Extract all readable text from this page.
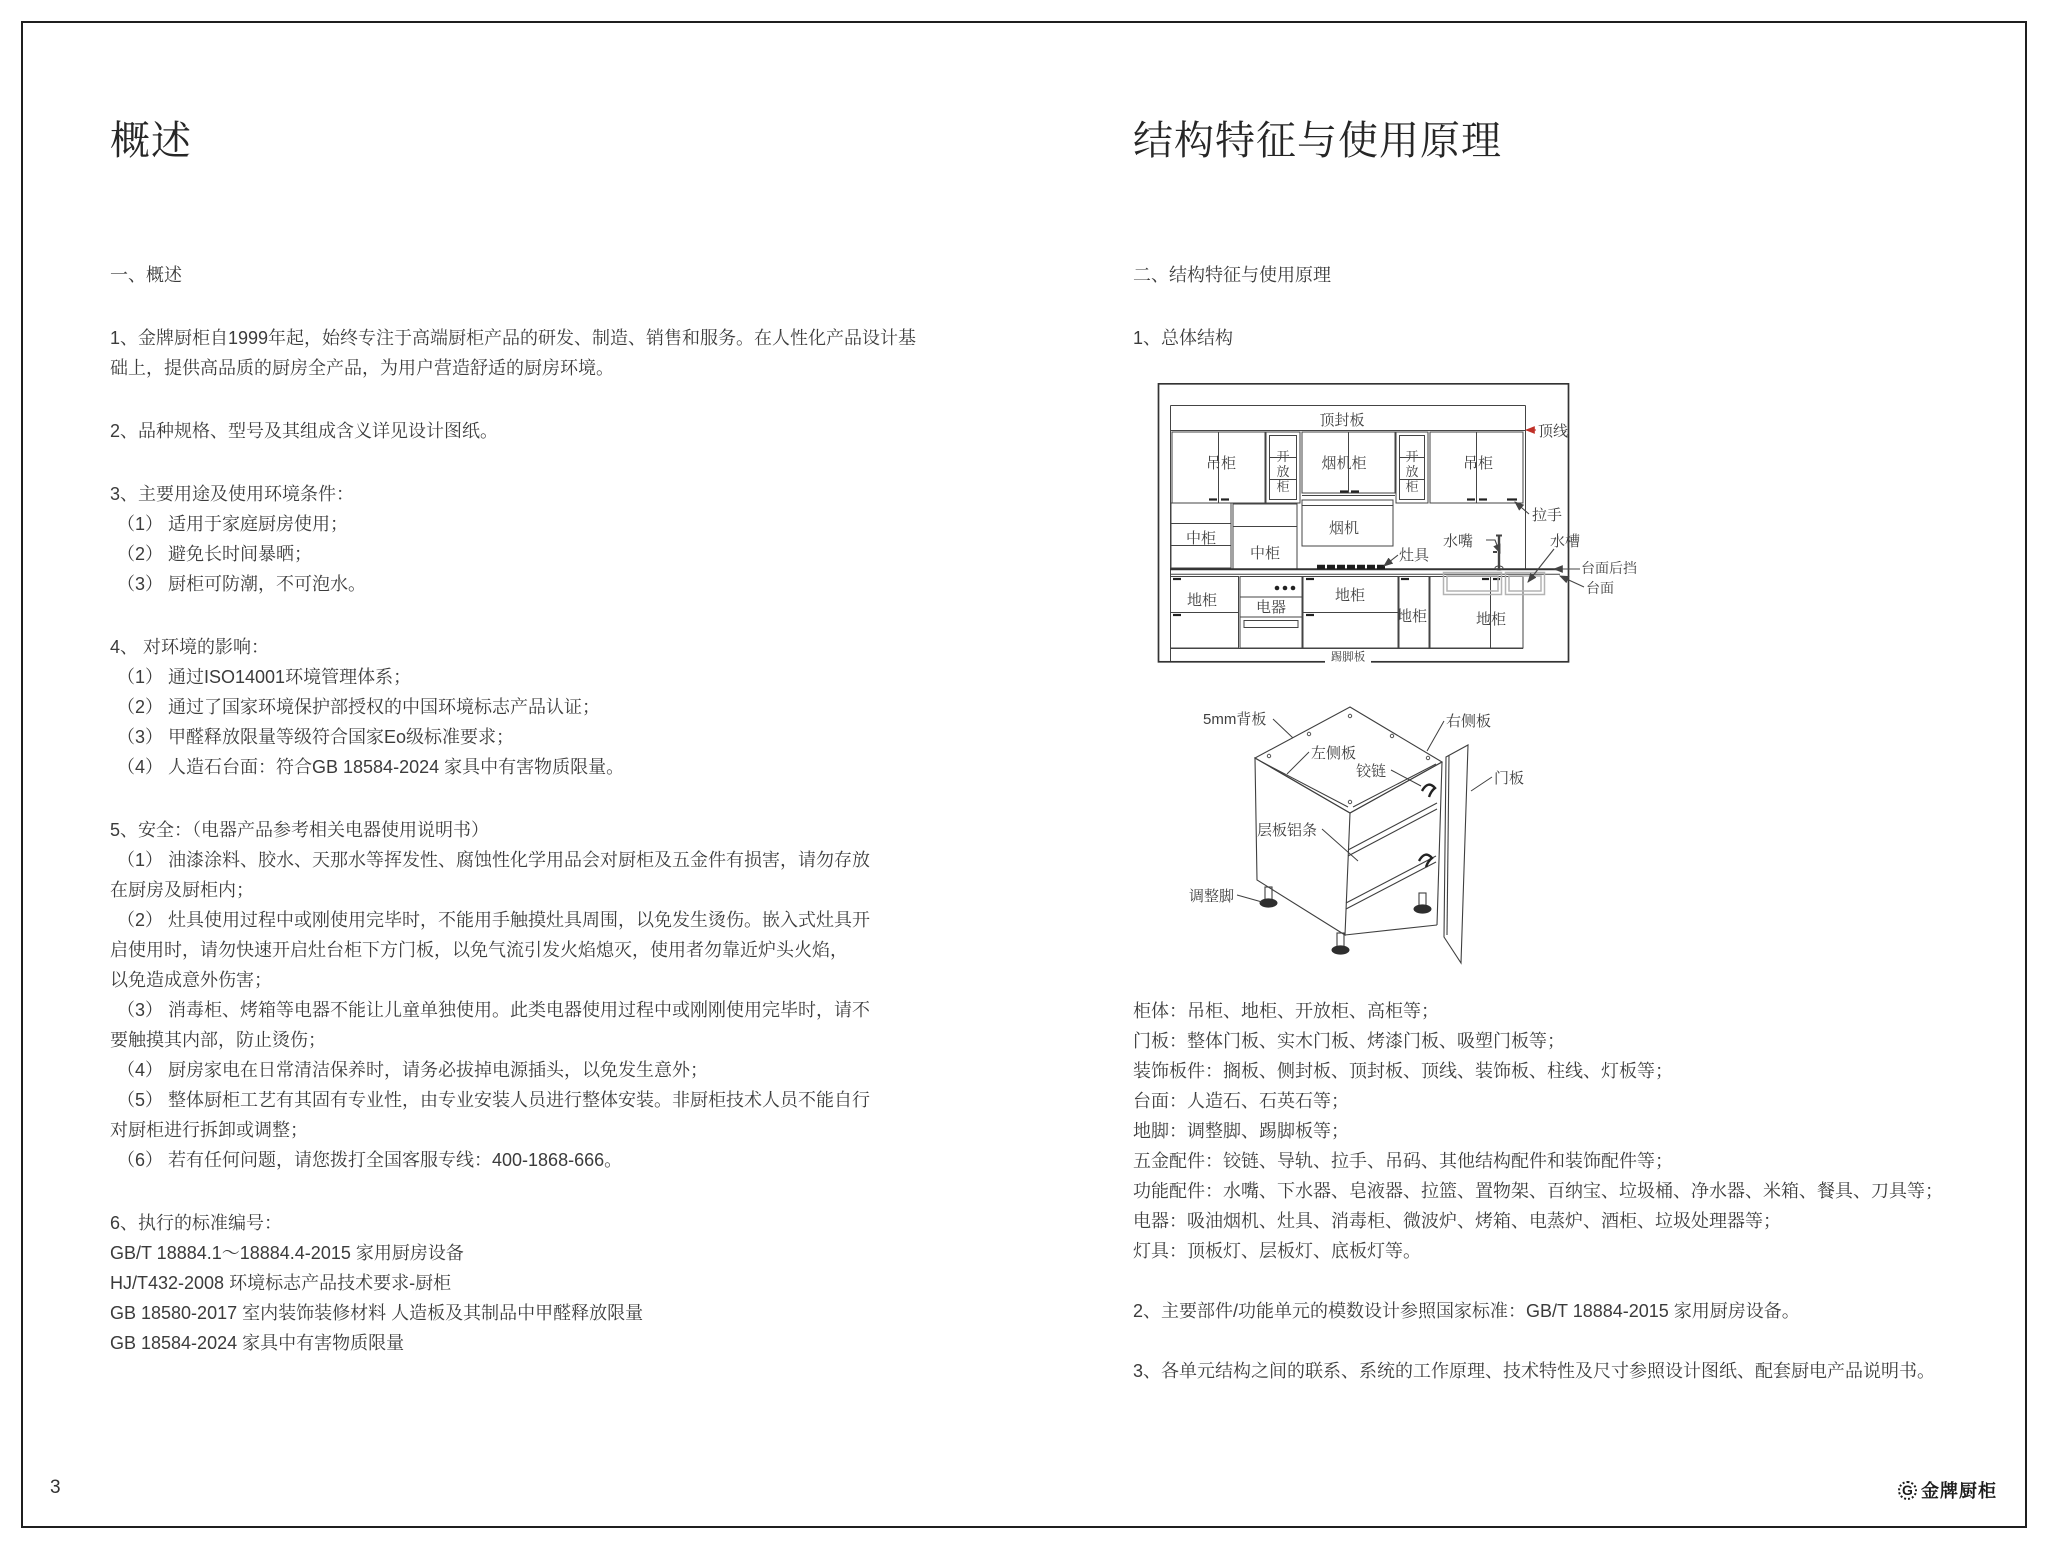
概述
一、概述
1、金牌厨柜自1999年起，始终专注于高端厨柜产品的研发、制造、销售和服务。在人性化产品设计基
础上，提供高品质的厨房全产品，为用户营造舒适的厨房环境。
2、品种规格、型号及其组成含义详见设计图纸。
3、主要用途及使用环境条件：
（1） 适用于家庭厨房使用；
（2） 避免长时间暴晒；
（3） 厨柜可防潮，不可泡水。
4、 对环境的影响：
（1） 通过ISO14001环境管理体系；
（2） 通过了国家环境保护部授权的中国环境标志产品认证；
（3） 甲醛释放限量等级符合国家Eo级标准要求；
（4） 人造石台面：符合GB 18584-2024 家具中有害物质限量。
5、安全：（电器产品参考相关电器使用说明书）
（1） 油漆涂料、胶水、天那水等挥发性、腐蚀性化学用品会对厨柜及五金件有损害，请勿存放
在厨房及厨柜内；
（2） 灶具使用过程中或刚使用完毕时，不能用手触摸灶具周围，以免发生烫伤。嵌入式灶具开
启使用时，请勿快速开启灶台柜下方门板，以免气流引发火焰熄灭，使用者勿靠近炉头火焰，
以免造成意外伤害；
（3） 消毒柜、烤箱等电器不能让儿童单独使用。此类电器使用过程中或刚刚使用完毕时，请不
要触摸其内部，防止烫伤；
（4） 厨房家电在日常清洁保养时，请务必拔掉电源插头，以免发生意外；
（5） 整体厨柜工艺有其固有专业性，由专业安装人员进行整体安装。非厨柜技术人员不能自行
对厨柜进行拆卸或调整；
（6） 若有任何问题，请您拨打全国客服专线：400-1868-666。
6、执行的标准编号：
GB/T 18884.1～18884.4-2015 家用厨房设备
HJ/T432-2008 环境标志产品技术要求-厨柜
GB 18580-2017 室内装饰装修材料 人造板及其制品中甲醛释放限量
GB 18584-2024 家具中有害物质限量
结构特征与使用原理
二、结构特征与使用原理
1、总体结构
顶封板
顶线
吊柜	开放柜
烟机柜	开放柜
吊柜
拉手
烟机
中柜
中柜	灶具
水嘴	水槽
台面后挡
台面
地柜	电器
地柜
地柜	地柜
踢脚板
5mm背板	右侧板
左侧板
铰链	门板
层板铝条
调整脚
柜体：吊柜、地柜、开放柜、高柜等；
门板：整体门板、实木门板、烤漆门板、吸塑门板等；
装饰板件：搁板、侧封板、顶封板、顶线、装饰板、柱线、灯板等；
台面：人造石、石英石等；
地脚：调整脚、踢脚板等；
五金配件：铰链、导轨、拉手、吊码、其他结构配件和装饰配件等；
功能配件：水嘴、下水器、皂液器、拉篮、置物架、百纳宝、垃圾桶、净水器、米箱、餐具、刀具等；
电器：吸油烟机、灶具、消毒柜、微波炉、烤箱、电蒸炉、酒柜、垃圾处理器等；
灯具：顶板灯、层板灯、底板灯等。
2、主要部件/功能单元的模数设计参照国家标准：GB/T 18884-2015 家用厨房设备。
3、各单元结构之间的联系、系统的工作原理、技术特性及尺寸参照设计图纸、配套厨电产品说明书。
3	G 金牌厨柜
